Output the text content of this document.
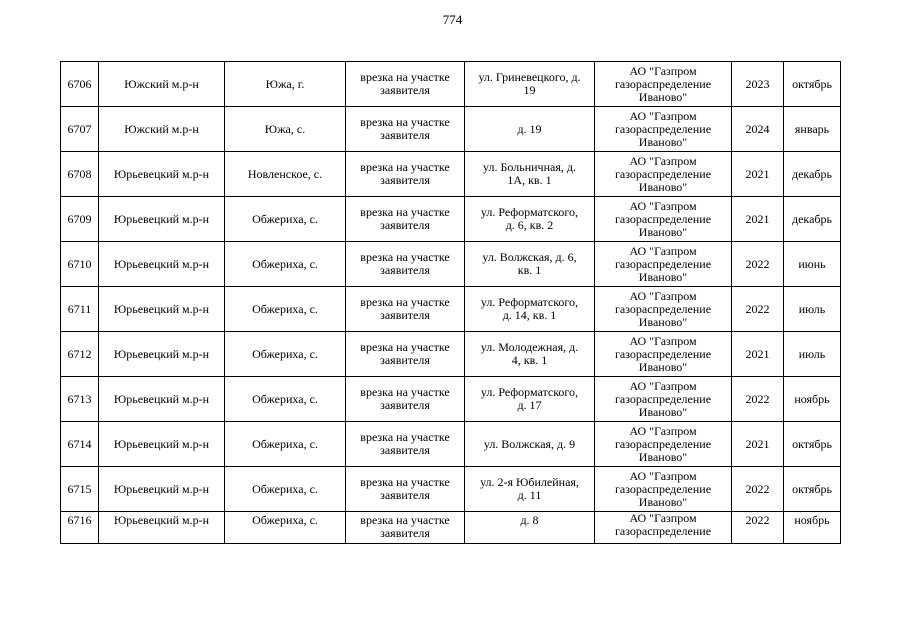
774
6706	Южский м.р-н	Южа, г.	врезка на участке
заявителя	ул. Гриневецкого, д.
19	АО "Газпром
газораспределение
Иваново"	2023	октябрь
6707	Южский м.р-н	Южа, с.	врезка на участке
заявителя	д. 19	АО "Газпром
газораспределение
Иваново"	2024	январь
6708	Юрьевецкий м.р-н	Новленское, с.	врезка на участке
заявителя	ул. Больничная, д.
1А, кв. 1	АО "Газпром
газораспределение
Иваново"	2021	декабрь
6709	Юрьевецкий м.р-н	Обжериха, с.	врезка на участке
заявителя	ул. Реформатского,
д. 6, кв. 2	АО "Газпром
газораспределение
Иваново"	2021	декабрь
6710	Юрьевецкий м.р-н	Обжериха, с.	врезка на участке
заявителя	ул. Волжская, д. 6,
кв. 1	АО "Газпром
газораспределение
Иваново"	2022	июнь
6711	Юрьевецкий м.р-н	Обжериха, с.	врезка на участке
заявителя	ул. Реформатского,
д. 14, кв. 1	АО "Газпром
газораспределение
Иваново"	2022	июль
6712	Юрьевецкий м.р-н	Обжериха, с.	врезка на участке
заявителя	ул. Молодежная, д.
4, кв. 1	АО "Газпром
газораспределение
Иваново"	2021	июль
6713	Юрьевецкий м.р-н	Обжериха, с.	врезка на участке
заявителя	ул. Реформатского,
д. 17	АО "Газпром
газораспределение
Иваново"	2022	ноябрь
6714	Юрьевецкий м.р-н	Обжериха, с.	врезка на участке
заявителя	ул. Волжская, д. 9	АО "Газпром
газораспределение
Иваново"	2021	октябрь
6715	Юрьевецкий м.р-н	Обжериха, с.	врезка на участке
заявителя	ул. 2-я Юбилейная,
д. 11	АО "Газпром
газораспределение
Иваново"	2022	октябрь
6716	Юрьевецкий м.р-н	Обжериха, с.	врезка на участке
заявителя	д. 8	АО "Газпром
газораспределение	2022	ноябрь
